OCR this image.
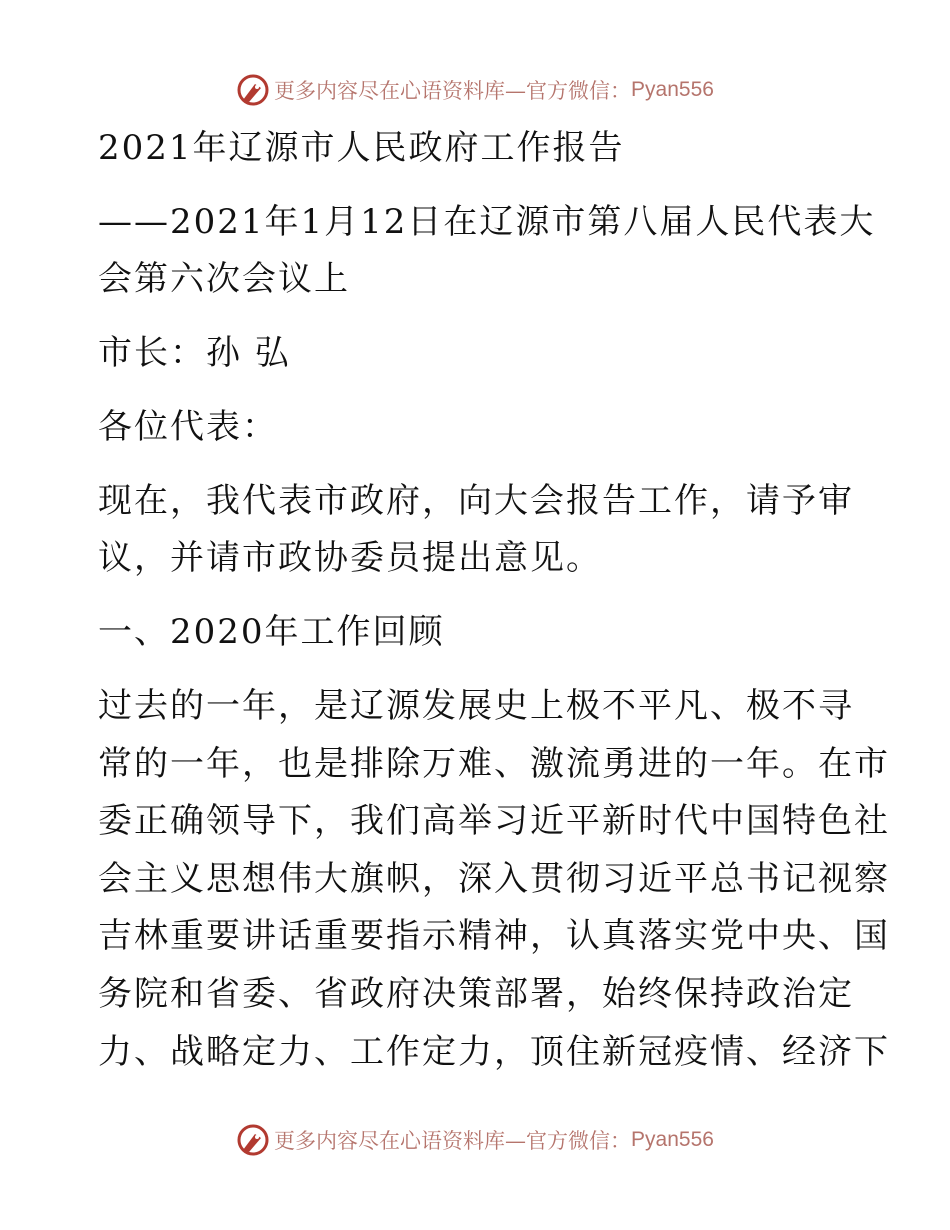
更多内容尽在心语资料库—官方微信： Pyan556
2021年辽源市人民政府工作报告
——2021年1月12日在辽源市第八届人民代表大
会第六次会议上
市长：孙 弘
各位代表：
现在，我代表市政府，向大会报告工作，请予审
议，并请市政协委员提出意见。
一、2020年工作回顾
过去的一年，是辽源发展史上极不平凡、极不寻
常的一年，也是排除万难、激流勇进的一年。在市
委正确领导下，我们高举习近平新时代中国特色社
会主义思想伟大旗帜，深入贯彻习近平总书记视察
吉林重要讲话重要指示精神，认真落实党中央、国
务院和省委、省政府决策部署，始终保持政治定
力、战略定力、工作定力，顶住新冠疫情、经济下
更多内容尽在心语资料库—官方微信： Pyan556
